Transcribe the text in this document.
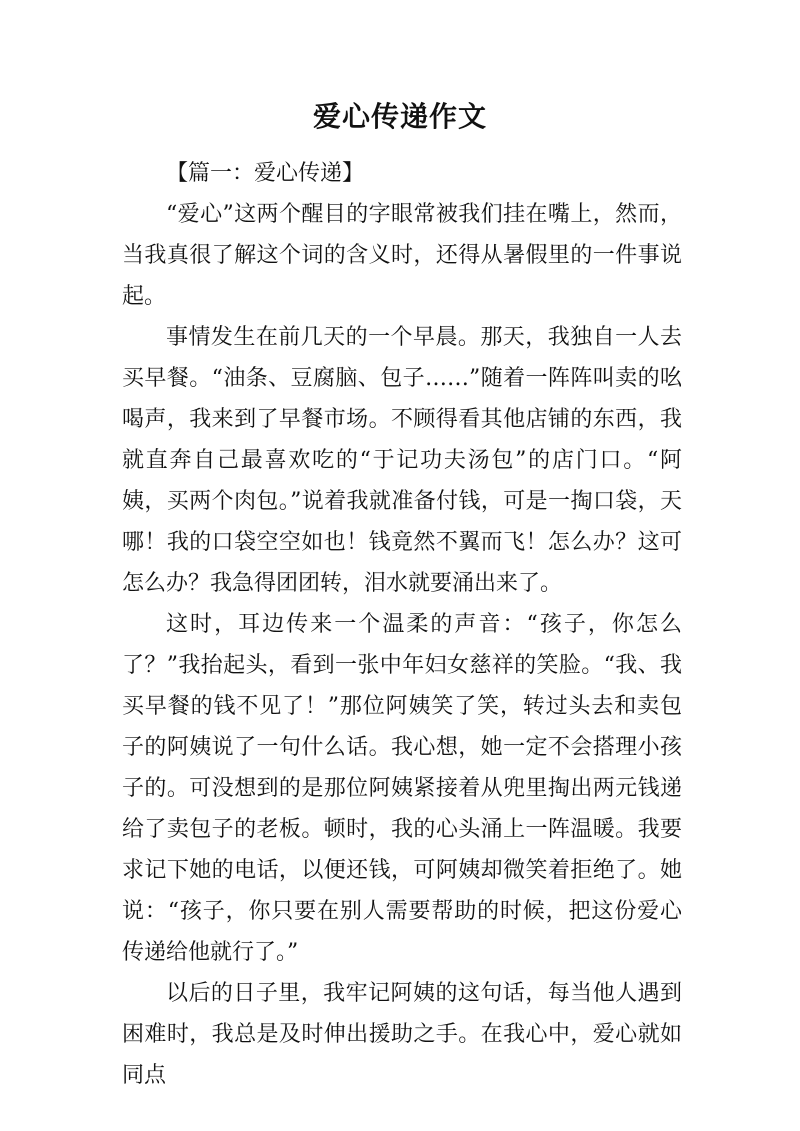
爱心传递作文

【篇一：爱心传递】

“爱心”这两个醒目的字眼常被我们挂在嘴上，然而，当我真很了解这个词的含义时，还得从暑假里的一件事说起。

事情发生在前几天的一个早晨。那天，我独自一人去买早餐。“油条、豆腐脑、包子……”随着一阵阵叫卖的吆喝声，我来到了早餐市场。不顾得看其他店铺的东西，我就直奔自己最喜欢吃的“于记功夫汤包”的店门口。“阿姨，买两个肉包。”说着我就准备付钱，可是一掏口袋，天哪！我的口袋空空如也！钱竟然不翼而飞！怎么办？这可怎么办？我急得团团转，泪水就要涌出来了。

这时，耳边传来一个温柔的声音：“孩子，你怎么了？”我抬起头，看到一张中年妇女慈祥的笑脸。“我、我买早餐的钱不见了！”那位阿姨笑了笑，转过头去和卖包子的阿姨说了一句什么话。我心想，她一定不会搭理小孩子的。可没想到的是那位阿姨紧接着从兜里掏出两元钱递给了卖包子的老板。顿时，我的心头涌上一阵温暖。我要求记下她的电话，以便还钱，可阿姨却微笑着拒绝了。她说：“孩子，你只要在别人需要帮助的时候，把这份爱心传递给他就行了。”

以后的日子里，我牢记阿姨的这句话，每当他人遇到困难时，我总是及时伸出援助之手。在我心中，爱心就如同点
